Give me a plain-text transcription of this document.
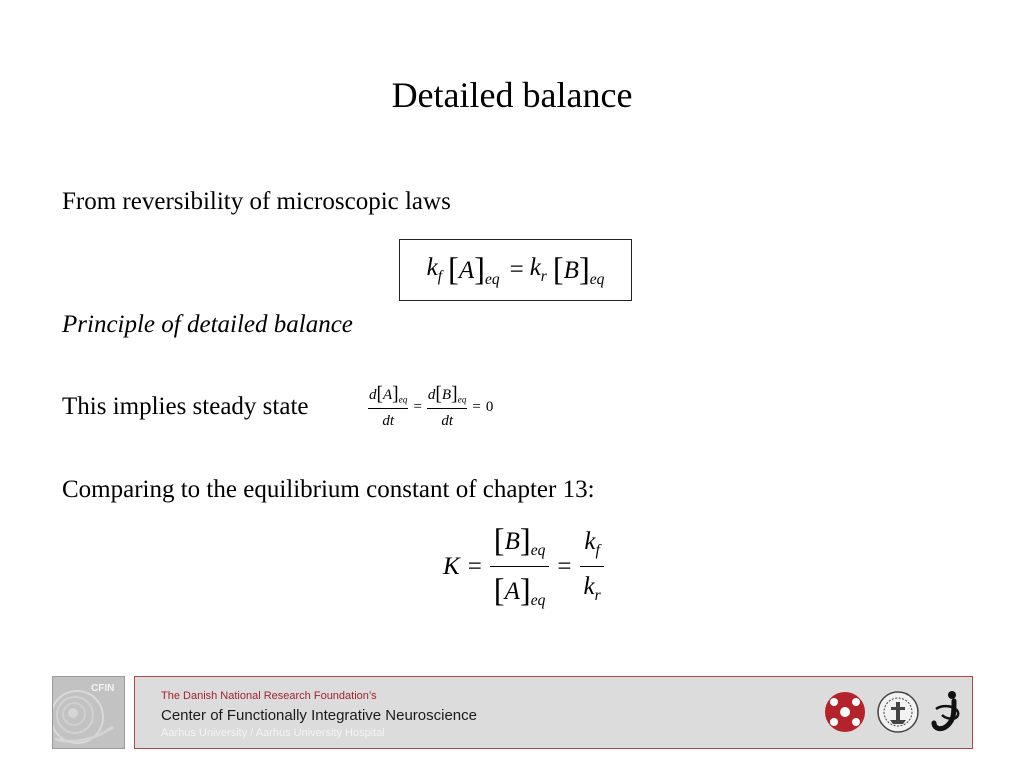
Detailed balance
From reversibility of microscopic laws
$k_f$ $[A]_{eq} = k_r$ $[B]_{eq}$
Principle of detailed balance
This implies steady state	$\frac{d[A]_{eq}}{dt} = \frac{d[B]_{eq}}{dt} = 0$
Comparing to the equilibrium constant of chapter 13:
$K = \frac{[B]_{eq}}{[A]_{eq}} = \frac{k_f}{k_r}$
CFIN
The Danish National Research Foundation’s
Center of Functionally Integrative Neuroscience
Aarhus University / Aarhus University Hospital
